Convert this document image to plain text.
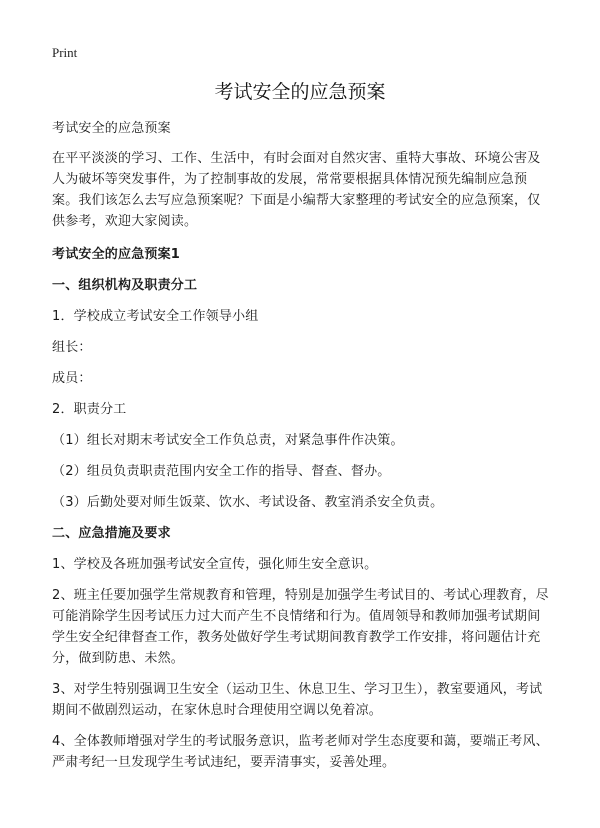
Print
考试安全的应急预案

考试安全的应急预案

在平平淡淡的学习、工作、生活中，有时会面对自然灾害、重特大事故、环境公害及人为破坏等突发事件，为了控制事故的发展，常常要根据具体情况预先编制应急预案。我们该怎么去写应急预案呢？下面是小编帮大家整理的考试安全的应急预案，仅供参考，欢迎大家阅读。

考试安全的应急预案1

一、组织机构及职责分工

1．学校成立考试安全工作领导小组

组长：

成员：

2．职责分工

（1）组长对期末考试安全工作负总责，对紧急事件作决策。

（2）组员负责职责范围内安全工作的指导、督查、督办。

（3）后勤处要对师生饭菜、饮水、考试设备、教室消杀安全负责。

二、应急措施及要求

1、学校及各班加强考试安全宣传，强化师生安全意识。

2、班主任要加强学生常规教育和管理，特别是加强学生考试目的、考试心理教育，尽可能消除学生因考试压力过大而产生不良情绪和行为。值周领导和教师加强考试期间学生安全纪律督查工作，教务处做好学生考试期间教育教学工作安排，将问题估计充分，做到防患、未然。

3、对学生特别强调卫生安全（运动卫生、休息卫生、学习卫生），教室要通风，考试期间不做剧烈运动，在家休息时合理使用空调以免着凉。

4、全体教师增强对学生的考试服务意识，监考老师对学生态度要和蔼，要端正考风、严肃考纪一旦发现学生考试违纪，要弄清事实，妥善处理。
